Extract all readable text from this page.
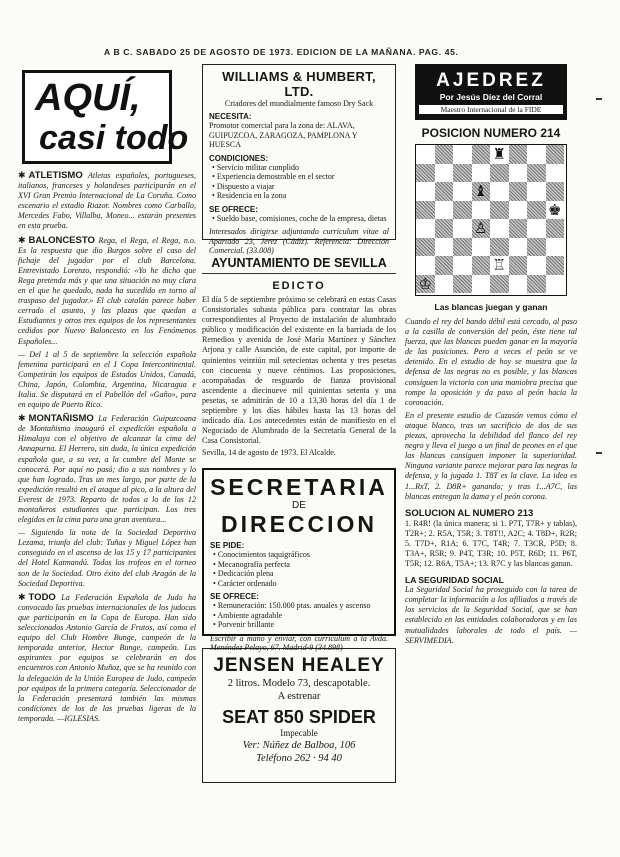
A B C. SABADO 25 DE AGOSTO DE 1973. EDICION DE LA MAÑANA. PAG. 45.
AQUÍ,
casi todo

✱ ATLETISMO Atletas españoles, portugueses, italianos, franceses y holandeses participarán en el XVI Gran Premio Internacional de La Coruña. Como escenario el estadio Riazor. Nombres como Carballo, Mercedes Fabo, Villalba, Moneo... estarán presentes en esta prueba.

✱ BALONCESTO Rega, el Rega, el Rega, n.o. Es la respuesta que dio Burgos sobre el caso del fichaje del jugador por el club Barcelona. Entrevistado Lorenzo, respondió: «Yo he dicho que Rega pretenda más y que una situación no muy clara en el que he quedado, nada ha sucedido en torno al traspaso del jugador.» El club catalán parece haber cerrado el asunto, y las plazas que quedan a Estudiantes y otros tres equipos de los representantes cedidos por Nuevo Baloncesto en los Fenómenos Españoles...

— Del 1 al 5 de septiembre la selección española femenina participará en el I Copa Intercontinental. Competirán los equipos de Estados Unidos, Canadá, China, Japón, Colombia, Argentina, Nicaragua e Italia. Se disputará en el Pabellón del «Gaño», para en equipo de Puerto Rico.

✱ MONTAÑISMO La Federación Guipuzcoana de Montañismo inauguró el expedición española a Himalaya con el objetivo de alcanzar la cima del Annapurna. El Herrero, sin duda, la única expedición española que, a su vez, a la cumbre del Monte se conocerá. Por aquí no pasó; dio a sus nombres y lo que han logrado. Tras un mes largo, por parte de la expedición resultó en el ataque al pico, a la altura del Everest de 1973. Reparto de todos a lo de los 12 montañeros estudiantes que participan. Los tres elegidos en la cima para una gran aventura...

— Siguiendo la nota de la Sociedad Deportiva Lezama, triunfo del club: Tuñas y Miguel López han conseguido en el ascenso de los 15 y 17 participantes del Hotel Katmandú. Todos los trofeos en el torneo son de la Sociedad. Otro éxito del club Aragón de la Sociedad Deportiva.

✱ TODO La Federación Española de Judo ha convocado las pruebas internacionales de los judocas que participarán en la Copa de Europa. Han sido seleccionados Antonio García de Frutos, así como el equipo del Club Hombre Bunge, campeón de la temporada anterior, Hector Bunge, campeón. Las aspirantes por equipos se celebrarán en dos encuentros con Antonio Muñoz, que se ha reunido con la delegación de la Unión Europea de Judo, campeón por equipos de la primera categoría. Seleccionador de la Federación presentará también las mismas condiciones de los de las pruebas ligeras de la temporada. —IGLESIAS.

WILLIAMS & HUMBERT, LTD.
Criadores del mundialmente famoso Dry Sack
NECESITA:
Promotor comercial para la zona de: ALAVA, GUIPUZCOA, ZARAGOZA, PAMPLONA Y HUESCA
CONDICIONES:
• Servicio militar cumplido
• Experiencia demostrable en el sector
• Dispuesto a viajar
• Residencia en la zona
SE OFRECE:
• Sueldo base, comisiones, coche de la empresa, dietas
Interesados dirigirse adjuntando curriculum vitae al Apartado 23, Jerez (Cádiz). Referencia: Dirección Comercial. (33.008)
AYUNTAMIENTO DE SEVILLA
EDICTO

El día 5 de septiembre próximo se celebrará en estas Casas Consistoriales subasta pública para contratar las obras correspondientes al Proyecto de instalación de alumbrado público y modificación del existente en la barriada de los Remedios y avenida de José María Martínez y Sánchez Arjona y calle Asunción, de este capital, por importe de quinientos veintiún mil setecientas ochenta y tres pesetas con cincuenta y nueve céntimos. Las proposiciones, acompañadas de resguardo de fianza provisional ascendente a diecinueve mil quinientas setenta y una pesetas, se admitirán de 10 a 13,30 horas del día 1 de septiembre y los días hábiles hasta las 13 horas del indicado día. Los antecedentes están de manifiesto en el Negociado de Alumbrado de la Secretaría General de la Casa Consistorial.

Sevilla, 14 de agosto de 1973. El Alcalde.
SECRETARIA
DE
DIRECCION
SE PIDE:
• Conocimientos taquigráficos
• Mecanografía perfecta
• Dedicación plena
• Carácter ordenado
SE OFRECE:
• Remuneración: 150.000 ptas. anuales y ascenso
• Ambiente agradable
• Porvenir brillante
Escribir a mano y enviar, con currículum a la Avda. Menéndez Pelayo, 67. Madrid-9 (34.898)
JENSEN HEALEY
2 litros. Modelo 73, descapotable.
A estrenar
SEAT 850 SPIDER
Impecable
Ver: Núñez de Balboa, 106
Teléfono 262 · 94 40
AJEDREZ
Por Jesús Díez del Corral
Maestro Internacional de la FIDE
POSICION NUMERO 214
♜
♝
♚
♙
♖
♔
Las blancas juegan y ganan

Cuando el rey del bando débil está cercado, al paso a la casilla de conversión del peón, éste tiene tal fuerza, que las blancas pueden ganar en la mayoría de las posiciones. Pero a veces el peón se ve detenido. En el estudio de hoy se muestra que la defensa de las negras no es posible, y las blancas consiguen la victoria con una maniobra precisa que rompe la oposición y da paso al peón hacia la coronación.

En el presente estudio de Cazasón vemos cómo el ataque blanco, tras un sacrificio de dos de sus piezas, aprovecha la debilidad del flanco del rey negro y lleva el juego a un final de peones en el que las blancas consiguen imponer la superioridad. Ninguna variante parece mejorar para las negras la defensa, y la jugada 1. T8T es la clave. La idea es 1...RxT, 2. D8R+ ganando; y tras 1...A7C, las blancas entregan la dama y el peón corona.

SOLUCION AL NUMERO 213

1. R4R! (la única manera; si 1. P7T, T7R+ y tablas), T2R+; 2. R5A, T5R; 3. T8T!!, A2C; 4. T8D+, R2R; 5. T7D+, R1A; 6. T7C, T4R; 7. T3CR, P5D; 8. T3A+, R5R; 9. P4T, T3R; 10. P5T, R6D; 11. P6T, T5R; 12. R6A, T5A+; 13. R7C y las blancas ganan.

LA SEGURIDAD SOCIAL

La Seguridad Social ha proseguido con la tarea de completar la información a los afiliados a través de los servicios de la Seguridad Social, que se han establecido en las entidades colaboradoras y en las mutualidades laborales de todo el país. —SERVIMEDIA.
